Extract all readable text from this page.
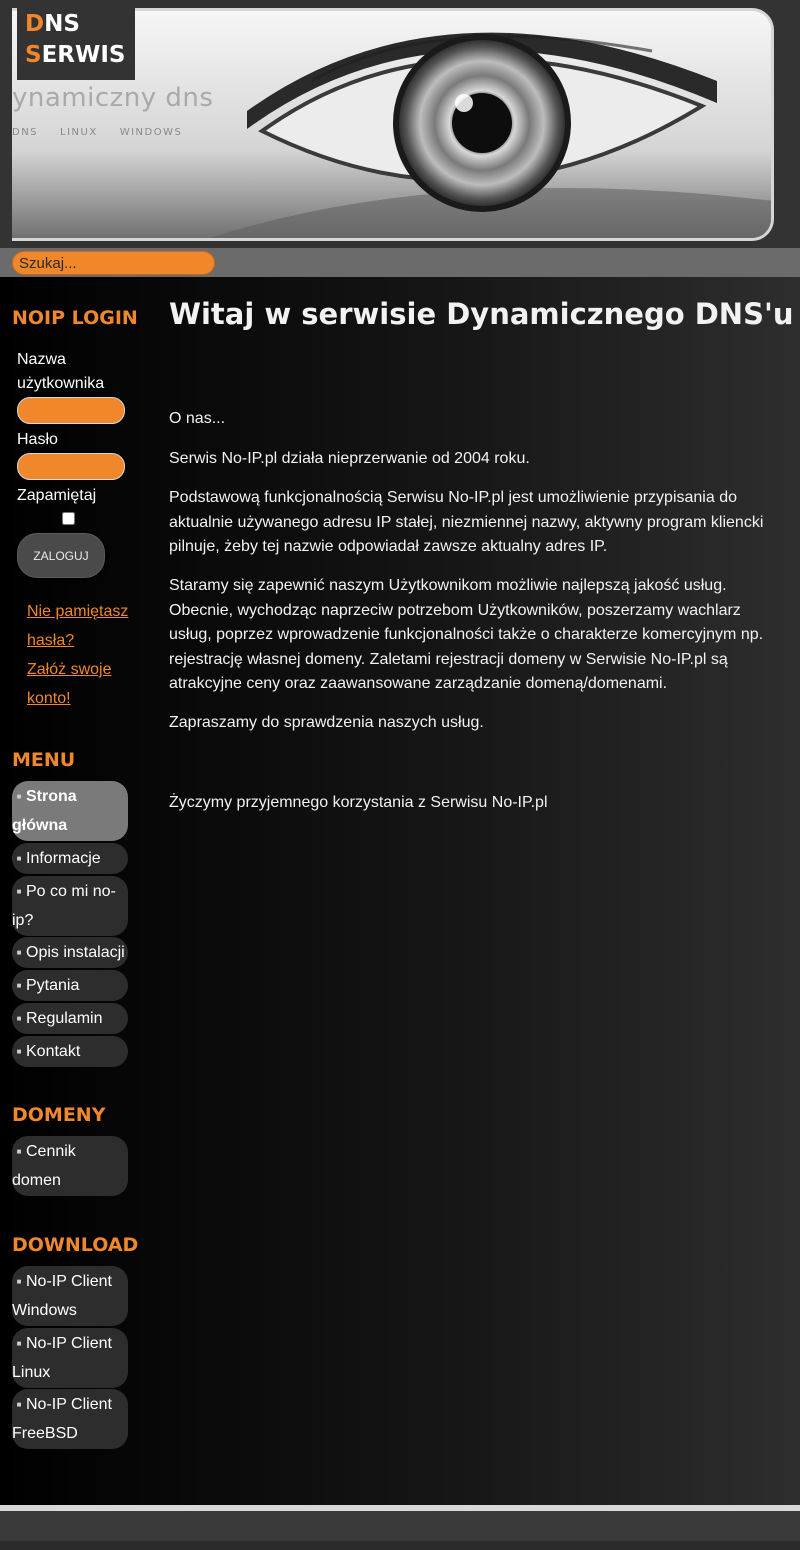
ynamiczny dns
DNS LINUX WINDOWS
DNS
SERWIS
Szukaj...
NOIP LOGIN
Nazwa użytkownika
Hasło
Zapamiętaj
ZALOGUJ
Nie pamiętasz hasła?
Załóż swoje konto!
MENU
■ Strona główna
■ Informacje
■ Po co mi no-ip?
■ Opis instalacji
■ Pytania
■ Regulamin
■ Kontakt
DOMENY
■ Cennik domen
DOWNLOAD
■ No-IP Client Windows
■ No-IP Client Linux
■ No-IP Client FreeBSD
Witaj w serwisie Dynamicznego DNS'u

O nas...

Serwis No-IP.pl działa nieprzerwanie od 2004 roku.

Podstawową funkcjonalnością Serwisu No-IP.pl jest umożliwienie przypisania do aktualnie używanego adresu IP stałej, niezmiennej nazwy, aktywny program kliencki pilnuje, żeby tej nazwie odpowiadał zawsze aktualny adres IP.

Staramy się zapewnić naszym Użytkownikom możliwie najlepszą jakość usług. Obecnie, wychodząc naprzeciw potrzebom Użytkowników, poszerzamy wachlarz usług, poprzez wprowadzenie funkcjonalności także o charakterze komercyjnym np. rejestrację własnej domeny. Zaletami rejestracji domeny w Serwisie No-IP.pl są atrakcyjne ceny oraz zaawansowane zarządzanie domeną/domenami.

Zapraszamy do sprawdzenia naszych usług.

Życzymy przyjemnego korzystania z Serwisu No-IP.pl
